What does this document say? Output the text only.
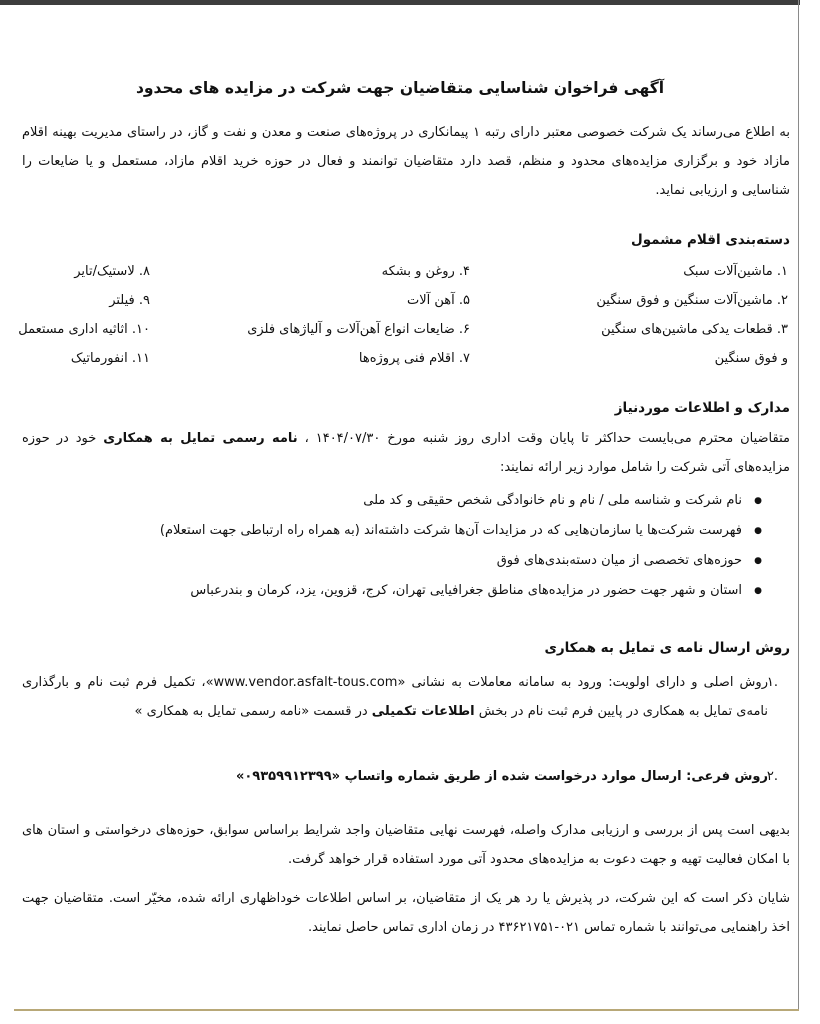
آگهی فراخوان شناسایی متقاضیان جهت شرکت در مزایده های محدود
به اطلاع می‌رساند یک شرکت خصوصی معتبر دارای رتبه ۱ پیمانکاری در پروژه‌های صنعت و معدن و نفت و گاز، در راستای مدیریت بهینه اقلام مازاد خود و برگزاری مزایده‌های محدود و منظم، قصد دارد متقاضیان توانمند و فعال در حوزه خرید اقلام مازاد، مستعمل و یا ضایعات را شناسایی و ارزیابی نماید.
دسته‌بندی اقلام مشمول
۱. ماشین‌آلات سبک
۲. ماشین‌آلات سنگین و فوق سنگین
۳. قطعات یدکی ماشین‌های سنگین
و فوق سنگین
۴. روغن و بشکه
۵. آهن آلات
۶. ضایعات انواع آهن‌آلات و آلیاژهای فلزی
۷. اقلام فنی پروژه‌ها
۸. لاستیک/تایر
۹. فیلتر
۱۰. اثاثیه اداری مستعمل
۱۱. انفورماتیک
مدارک و اطلاعات موردنیاز
متقاضیان محترم می‌بایست حداکثر تا پایان وقت اداری روز شنبه مورخ ۱۴۰۴/۰۷/۳۰ ، نامه رسمی تمایل به همکاری خود در حوزه مزایده‌های آتی شرکت را شامل موارد زیر ارائه نمایند:
● نام شرکت و شناسه ملی / نام و نام خانوادگی شخص حقیقی و کد ملی
● فهرست شرکت‌ها یا سازمان‌هایی که در مزایدات آن‌ها شرکت داشته‌اند (به همراه راه ارتباطی جهت استعلام)
● حوزه‌های تخصصی از میان دسته‌بندی‌های فوق
● استان و شهر جهت حضور در مزایده‌های مناطق جغرافیایی تهران، کرج، قزوین، یزد، کرمان و بندرعباس
روش ارسال نامه ی تمایل به همکاری
.۱
روش اصلی و دارای اولویت: ورود به سامانه معاملات به نشانی «www.vendor.asfalt-tous.com»، تکمیل فرم ثبت نام و بارگذاری نامه‌ی تمایل به همکاری در پایین فرم ثبت نام در بخش اطلاعات تکمیلی در قسمت «نامه رسمی تمایل به همکاری »
.۲
روش فرعی: ارسال موارد درخواست شده از طریق شماره واتساپ «۰۹۳۵۹۹۱۲۳۹۹»
بدیهی است پس از بررسی و ارزیابی مدارک واصله، فهرست نهایی متقاضیان واجد شرایط براساس سوابق، حوزه‌های درخواستی و استان های با امکان فعالیت تهیه و جهت دعوت به مزایده‌های محدود آتی مورد استفاده قرار خواهد گرفت.
شایان ذکر است که این شرکت، در پذیرش یا رد هر یک از متقاضیان، بر اساس اطلاعات خوداظهاری ارائه شده، مخیّر است. متقاضیان جهت اخذ راهنمایی می‌توانند با شماره تماس ۰۲۱-۴۳۶۲۱۷۵۱ در زمان اداری تماس حاصل نمایند.
